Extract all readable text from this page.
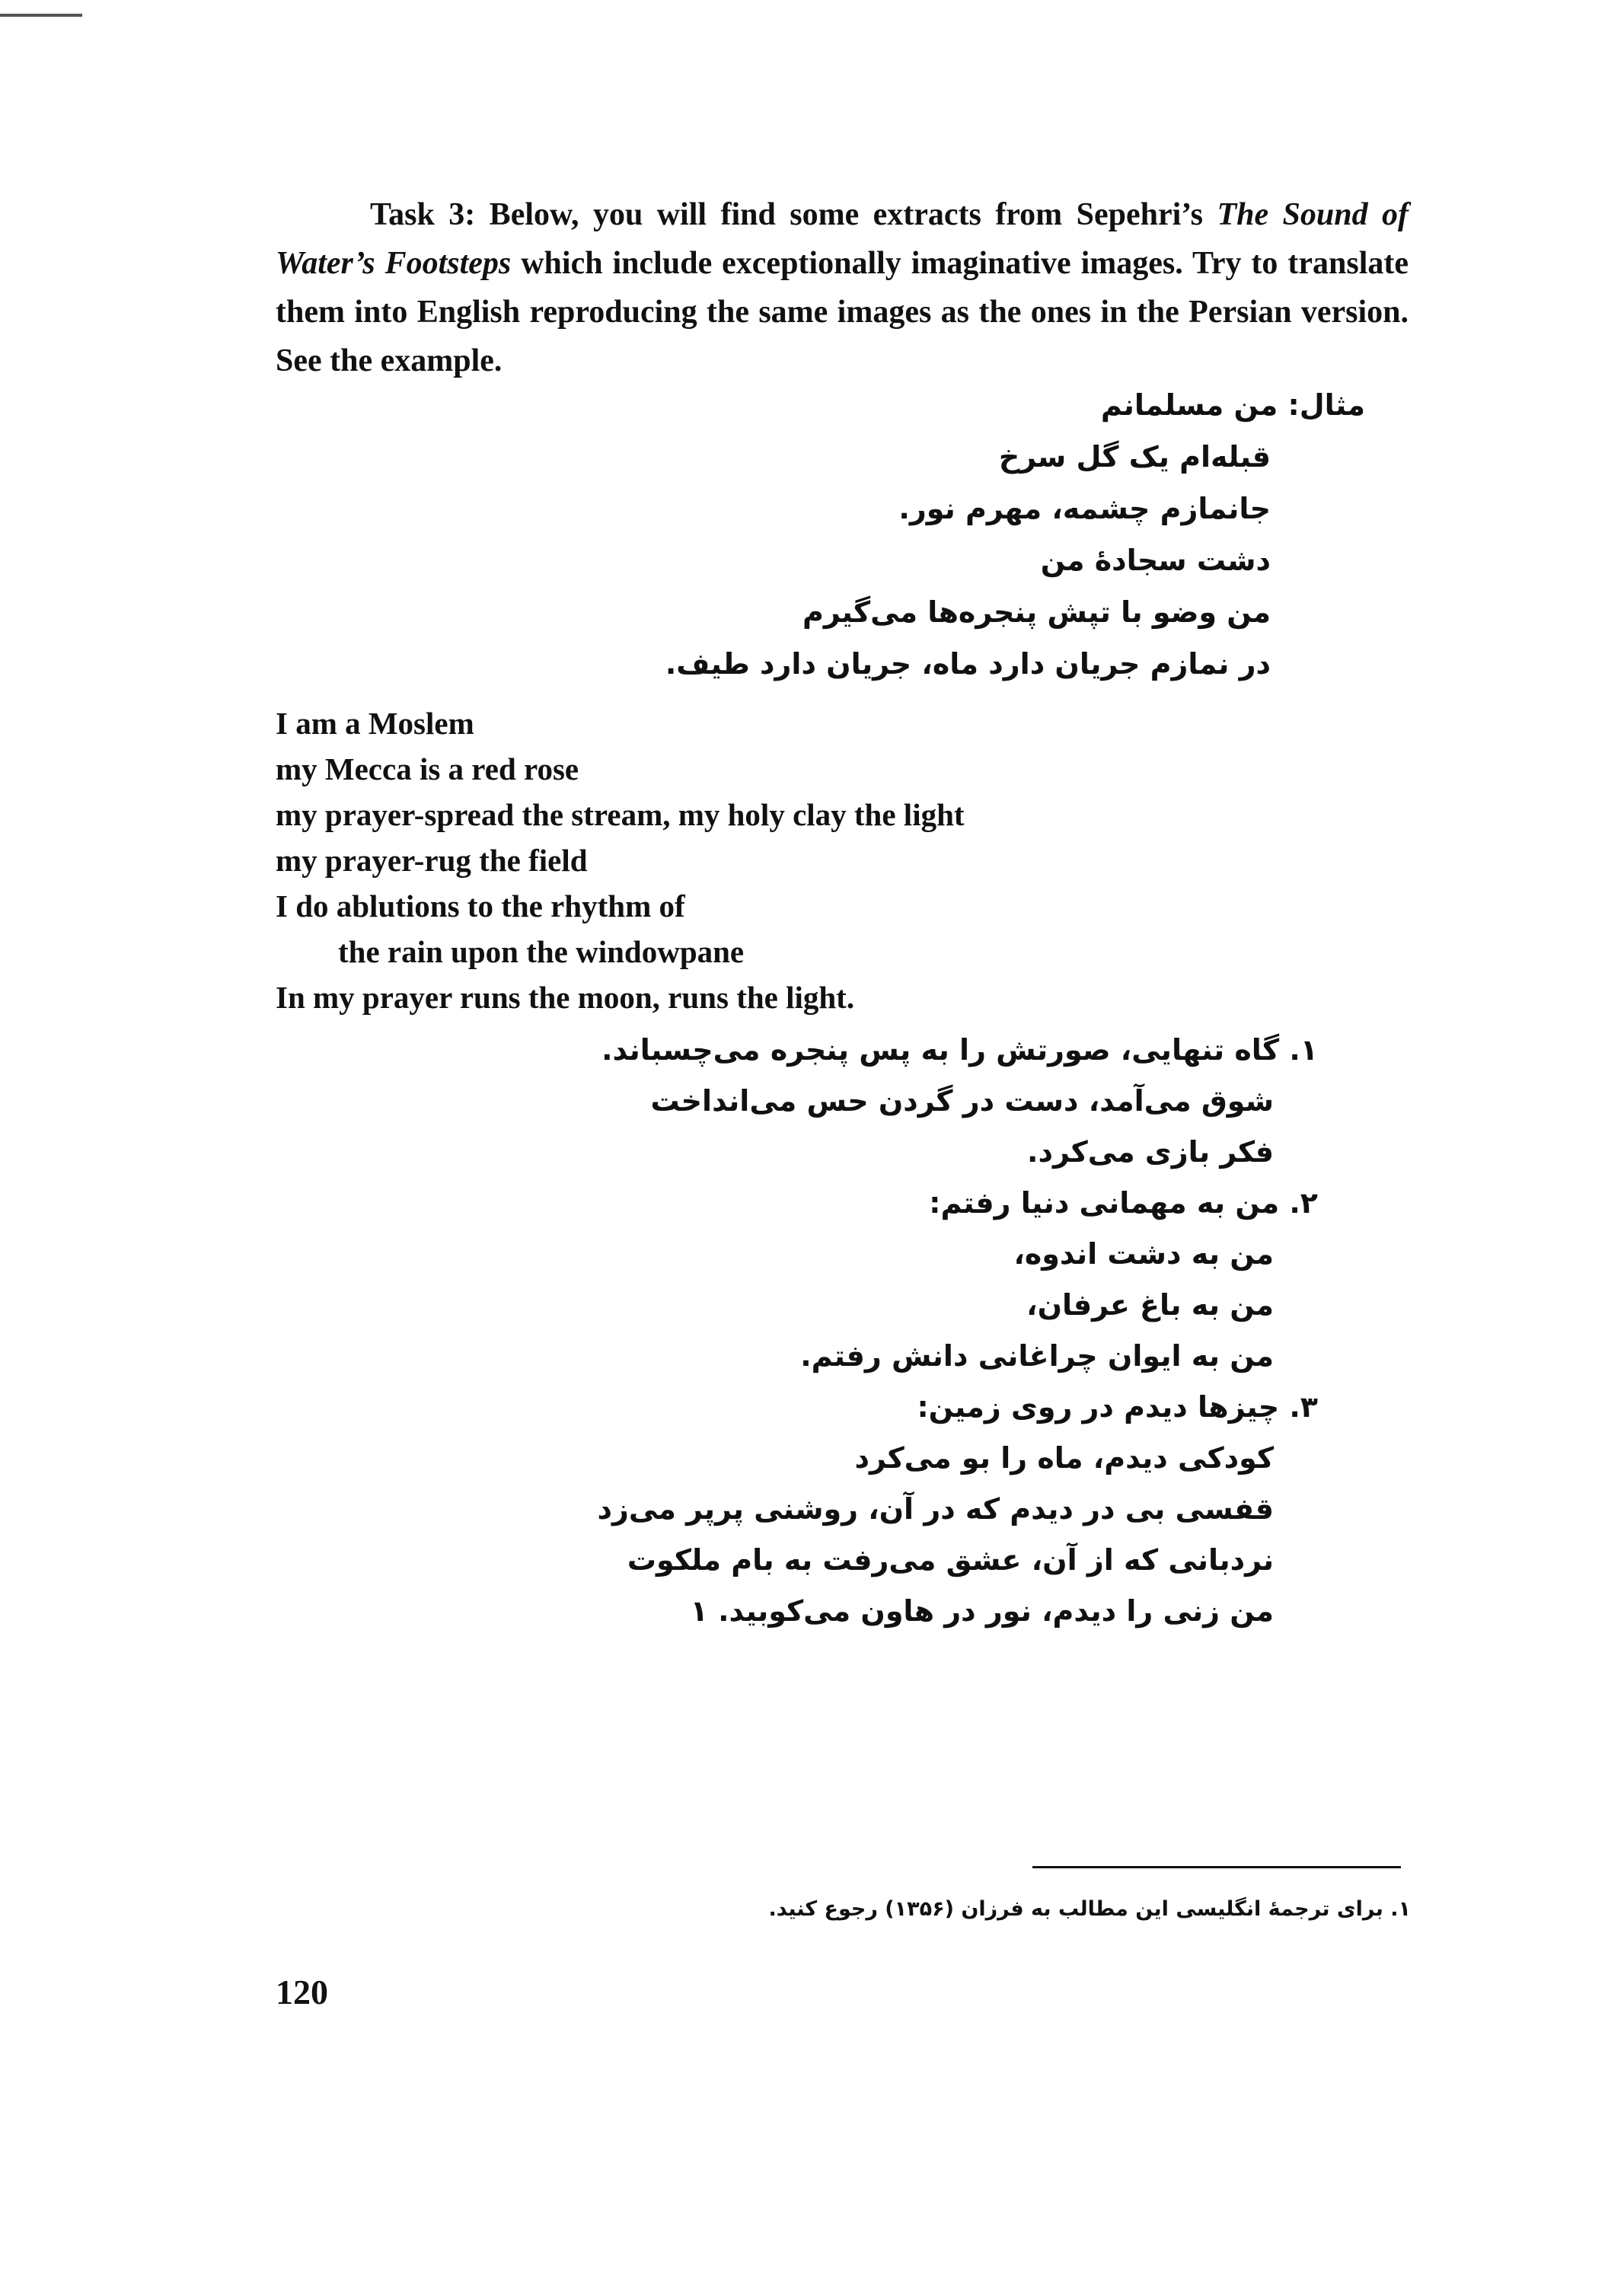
Task 3: Below, you will find some extracts from Sepehri’s The Sound of Water’s Footsteps which include exceptionally imaginative images. Try to translate them into English reproducing the same images as the ones in the Persian version. See the example.
مثال: من مسلمانم
قبله‌ام یک گل سرخ
جانمازم چشمه، مهرم نور.
دشت سجادهٔ من
من وضو با تپش پنجره‌ها می‌گیرم
در نمازم جریان دارد ماه، جریان دارد طیف.
I am a Moslem
my Mecca is a red rose
my prayer-spread the stream, my holy clay the light
my prayer-rug the field
I do ablutions to the rhythm of
the rain upon the windowpane
In my prayer runs the moon, runs the light.
۱. گاه تنهایی، صورتش را به پس پنجره می‌چسباند.
شوق می‌آمد، دست در گردن حس می‌انداخت
فکر بازی می‌کرد.
۲. من به مهمانی دنیا رفتم:
من به دشت اندوه،
من به باغ عرفان،
من به ایوان چراغانی دانش رفتم.
۳. چیزها دیدم در روی زمین:
کودکی دیدم، ماه را بو می‌کرد
قفسی بی در دیدم که در آن، روشنی پرپر می‌زد
نردبانی که از آن، عشق می‌رفت به بام ملکوت
من زنی را دیدم، نور در هاون می‌کوبید. ۱
۱. برای ترجمهٔ انگلیسی این مطالب به فرزان (۱۳۵۶) رجوع کنید.
120
